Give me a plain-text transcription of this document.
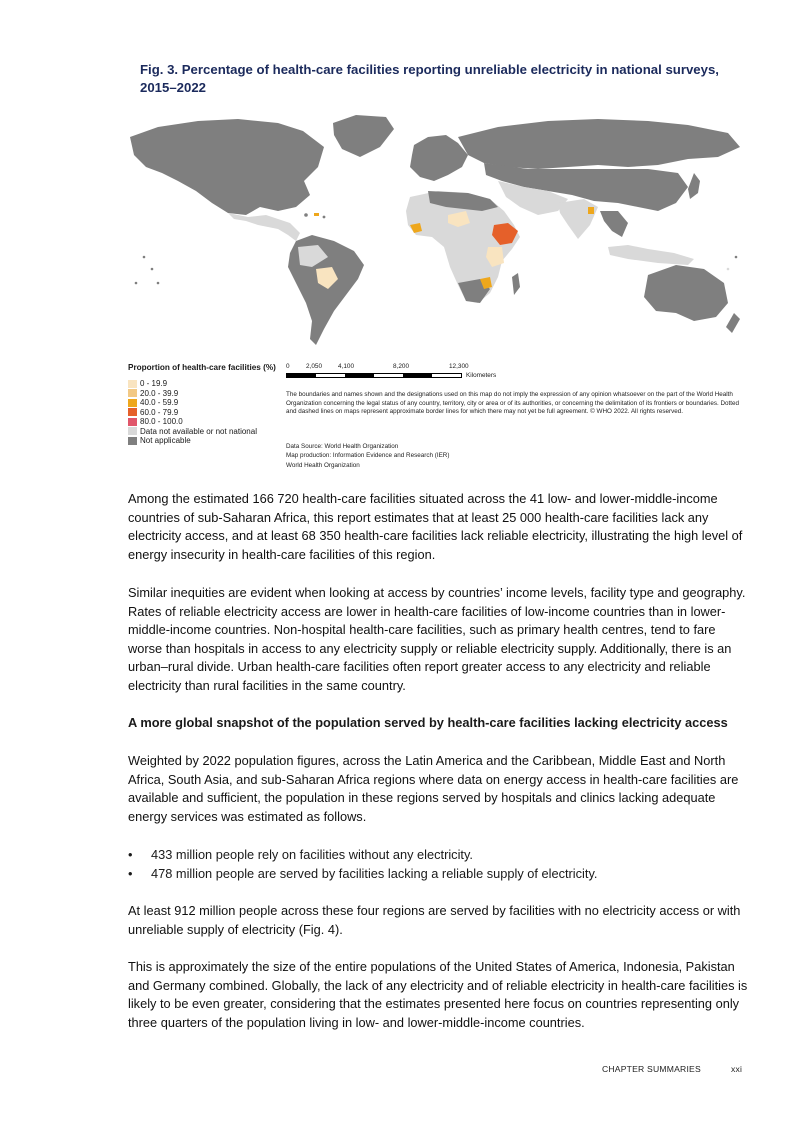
Fig. 3. Percentage of health-care facilities reporting unreliable electricity in national surveys, 2015–2022
Proportion of health-care facilities (%)
0 - 19.9
20.0 - 39.9
40.0 - 59.9
60.0 - 79.9
80.0 - 100.0
Data not available or not national
Not applicable
0	2,050	4,100	8,200	12,300
Kilometers
The boundaries and names shown and the designations used on this map do not imply the expression of any opinion whatsoever on the part of the World Health Organization concerning the legal status of any country, territory, city or area or of its authorities, or concerning the delimitation of its frontiers or boundaries. Dotted and dashed lines on maps represent approximate border lines for which there may not yet be full agreement. © WHO 2022. All rights reserved.
Data Source: World Health Organization
Map production: Information Evidence and Research (IER)
World Health Organization
Among the estimated 166 720 health-care facilities situated across the 41 low- and lower-middle-income countries of sub-Saharan Africa, this report estimates that at least 25 000 health-care facilities lack any electricity access, and at least 68 350 health-care facilities lack reliable electricity, illustrating the high level of energy insecurity in health-care facilities of this region.
Similar inequities are evident when looking at access by countries’ income levels, facility type and geography. Rates of reliable electricity access are lower in health-care facilities of low-income countries than in lower-middle-income countries. Non-hospital health-care facilities, such as primary health centres, tend to fare worse than hospitals in access to any electricity supply or reliable electricity supply. Additionally, there is an urban–rural divide. Urban health-care facilities often report greater access to any electricity and reliable electricity than rural facilities in the same country.
A more global snapshot of the population served by health-care facilities lacking electricity access
Weighted by 2022 population figures, across the Latin America and the Caribbean, Middle East and North Africa, South Asia, and sub-Saharan Africa regions where data on energy access in health-care facilities are available and sufficient, the population in these regions served by hospitals and clinics lacking adequate energy services was estimated as follows.
•	433 million people rely on facilities without any electricity.
•	478 million people are served by facilities lacking a reliable supply of electricity.
At least 912 million people across these four regions are served by facilities with no electricity access or with unreliable supply of electricity (Fig. 4).
This is approximately the size of the entire populations of the United States of America, Indonesia, Pakistan and Germany combined. Globally, the lack of any electricity and of reliable electricity in health-care facilities is likely to be even greater, considering that the estimates presented here focus on countries representing only three quarters of the population living in low- and lower-middle-income countries.
CHAPTER SUMMARIES	xxi
